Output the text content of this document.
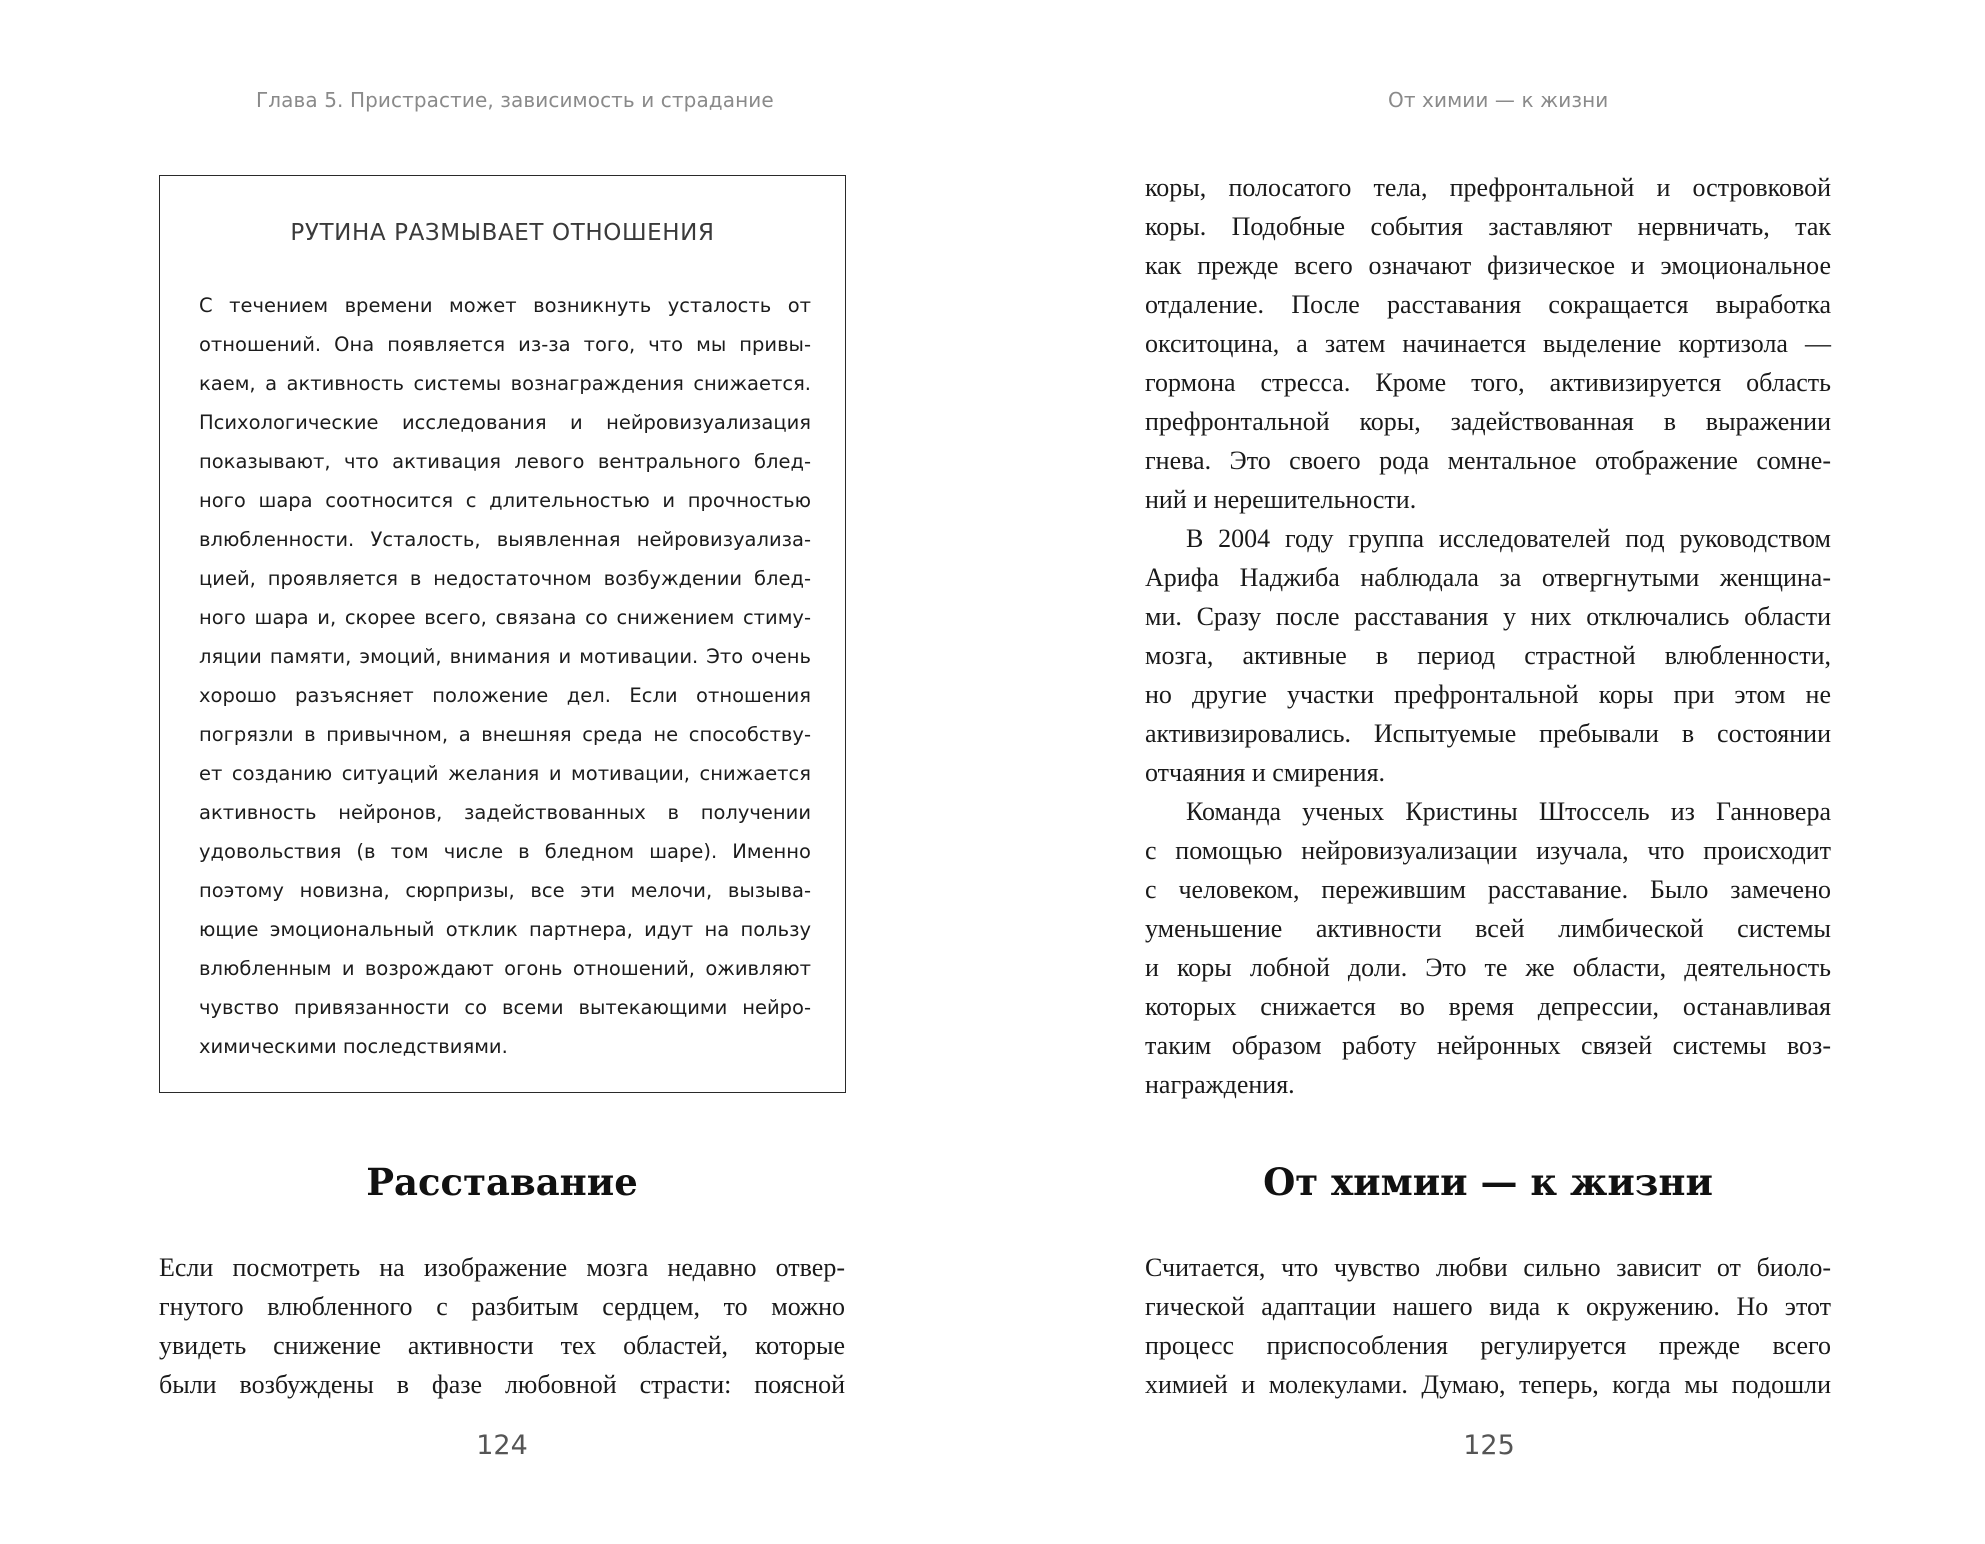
Глава 5. Пристрастие, зависимость и страдание
РУТИНА РАЗМЫВАЕТ ОТНОШЕНИЯ
С течением времени может возникнуть усталость от
отношений. Она появляется из-за того, что мы привы-
каем, а активность системы вознаграждения снижается.
Психологические исследования и нейровизуализация
показывают, что активация левого вентрального блед-
ного шара соотносится с длительностью и прочностью
влюбленности. Усталость, выявленная нейровизуализа-
цией, проявляется в недостаточном возбуждении блед-
ного шара и, скорее всего, связана со снижением стиму-
ляции памяти, эмоций, внимания и мотивации. Это очень
хорошо разъясняет положение дел. Если отношения
погрязли в привычном, а внешняя среда не способству-
ет созданию ситуаций желания и мотивации, снижается
активность нейронов, задействованных в получении
удовольствия (в том числе в бледном шаре). Именно
поэтому новизна, сюрпризы, все эти мелочи, вызыва-
ющие эмоциональный отклик партнера, идут на пользу
влюбленным и возрождают огонь отношений, оживляют
чувство привязанности со всеми вытекающими нейро-
химическими последствиями.
Расставание
Если посмотреть на изображение мозга недавно отвер-
гнутого влюбленного с разбитым сердцем, то можно
увидеть снижение активности тех областей, которые
были возбуждены в фазе любовной страсти: поясной
124
От химии — к жизни
коры, полосатого тела, префронтальной и островковой
коры. Подобные события заставляют нервничать, так
как прежде всего означают физическое и эмоциональное
отдаление. После расставания сокращается выработка
окситоцина, а затем начинается выделение кортизола —
гормона стресса. Кроме того, активизируется область
префронтальной коры, задействованная в выражении
гнева. Это своего рода ментальное отображение сомне-
ний и нерешительности.
В 2004 году группа исследователей под руководством
Арифа Наджиба наблюдала за отвергнутыми женщина-
ми. Сразу после расставания у них отключались области
мозга, активные в период страстной влюбленности,
но другие участки префронтальной коры при этом не
активизировались. Испытуемые пребывали в состоянии
отчаяния и смирения.
Команда ученых Кристины Штоссель из Ганновера
с помощью нейровизуализации изучала, что происходит
с человеком, пережившим расставание. Было замечено
уменьшение активности всей лимбической системы
и коры лобной доли. Это те же области, деятельность
которых снижается во время депрессии, останавливая
таким образом работу нейронных связей системы воз-
награждения.
От химии — к жизни
Считается, что чувство любви сильно зависит от биоло-
гической адаптации нашего вида к окружению. Но этот
процесс приспособления регулируется прежде всего
химией и молекулами. Думаю, теперь, когда мы подошли
125
